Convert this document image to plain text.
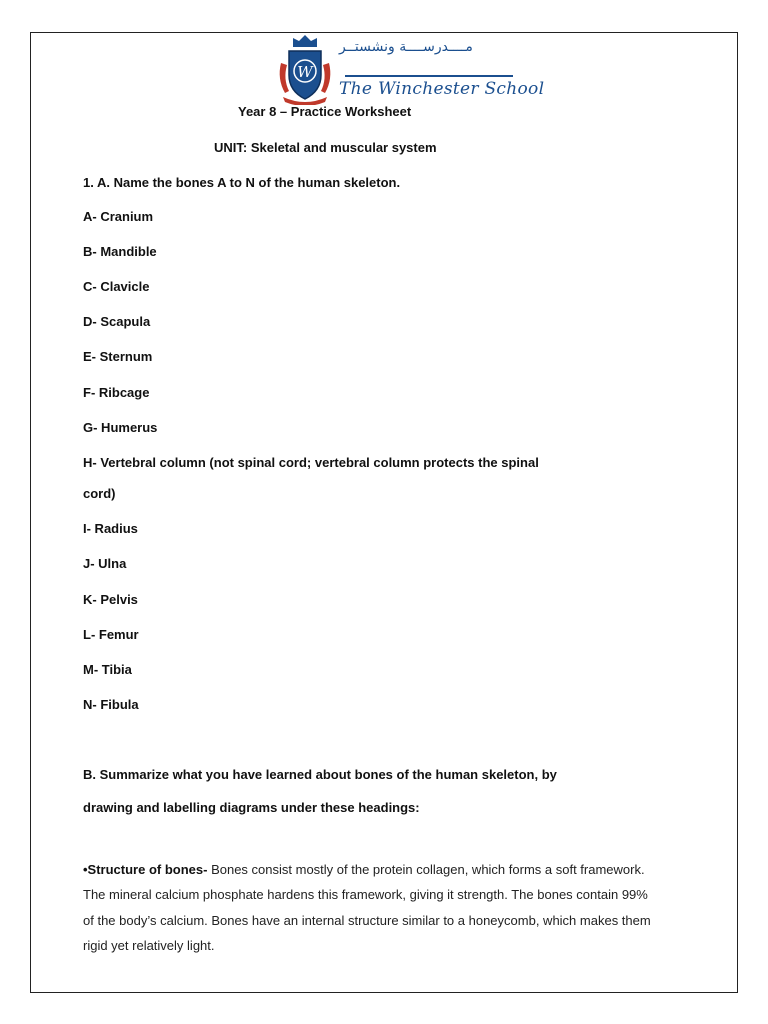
W
مــــدرســــة ونشستــر
The Winchester School
Year 8 – Practice Worksheet
UNIT: Skeletal and muscular system
1. A. Name the bones A to N of the human skeleton.
A- Cranium
B- Mandible
C- Clavicle
D- Scapula
E- Sternum
F- Ribcage
G- Humerus
H- Vertebral column (not spinal cord; vertebral column protects the spinal
cord)
I- Radius
J- Ulna
K- Pelvis
L- Femur
M- Tibia
N- Fibula
B. Summarize what you have learned about bones of the human skeleton, by
drawing and labelling diagrams under these headings:
•Structure of bones- Bones consist mostly of the protein collagen, which forms a soft framework. The mineral calcium phosphate hardens this framework, giving it strength. The bones contain 99% of the body’s calcium. Bones have an internal structure similar to a honeycomb, which makes them rigid yet relatively light.
